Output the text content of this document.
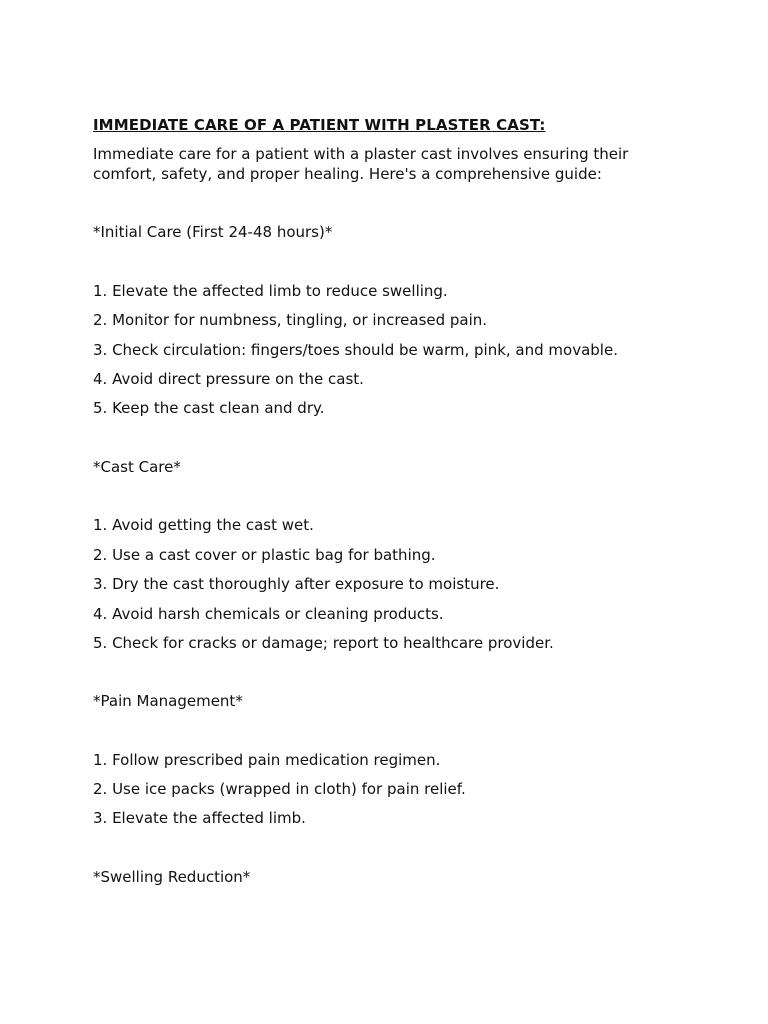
IMMEDIATE CARE OF A PATIENT WITH PLASTER CAST:
Immediate care for a patient with a plaster cast involves ensuring their comfort, safety, and proper healing. Here's a comprehensive guide:
*Initial Care (First 24-48 hours)*
1. Elevate the affected limb to reduce swelling.
2. Monitor for numbness, tingling, or increased pain.
3. Check circulation: fingers/toes should be warm, pink, and movable.
4. Avoid direct pressure on the cast.
5. Keep the cast clean and dry.
*Cast Care*
1. Avoid getting the cast wet.
2. Use a cast cover or plastic bag for bathing.
3. Dry the cast thoroughly after exposure to moisture.
4. Avoid harsh chemicals or cleaning products.
5. Check for cracks or damage; report to healthcare provider.
*Pain Management*
1. Follow prescribed pain medication regimen.
2. Use ice packs (wrapped in cloth) for pain relief.
3. Elevate the affected limb.
*Swelling Reduction*
